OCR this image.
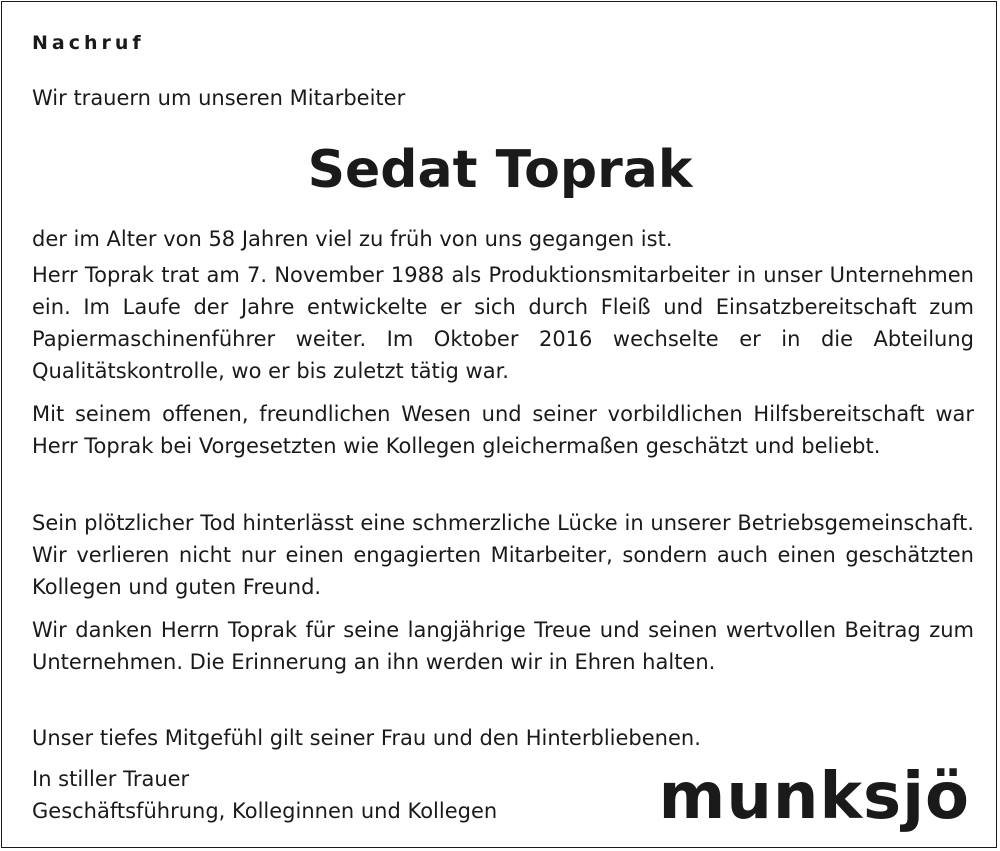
Nachruf
Wir trauern um unseren Mitarbeiter
Sedat Toprak
der im Alter von 58 Jahren viel zu früh von uns gegangen ist.
Herr Toprak trat am 7. November 1988 als Produktionsmitarbeiter in unser Unternehmen ein. Im Laufe der Jahre entwickelte er sich durch Fleiß und Einsatzbereitschaft zum Papiermaschinenführer weiter. Im Oktober 2016 wechselte er in die Abteilung Qualitätskontrolle, wo er bis zuletzt tätig war.
Mit seinem offenen, freundlichen Wesen und seiner vorbildlichen Hilfsbereitschaft war Herr Toprak bei Vorgesetzten wie Kollegen gleichermaßen geschätzt und beliebt.
Sein plötzlicher Tod hinterlässt eine schmerzliche Lücke in unserer Betriebsgemeinschaft. Wir verlieren nicht nur einen engagierten Mitarbeiter, sondern auch einen geschätzten Kollegen und guten Freund.
Wir danken Herrn Toprak für seine langjährige Treue und seinen wertvollen Beitrag zum Unternehmen. Die Erinnerung an ihn werden wir in Ehren halten.
Unser tiefes Mitgefühl gilt seiner Frau und den Hinterbliebenen.
In stiller Trauer
Geschäftsführung, Kolleginnen und Kollegen	munksjö
